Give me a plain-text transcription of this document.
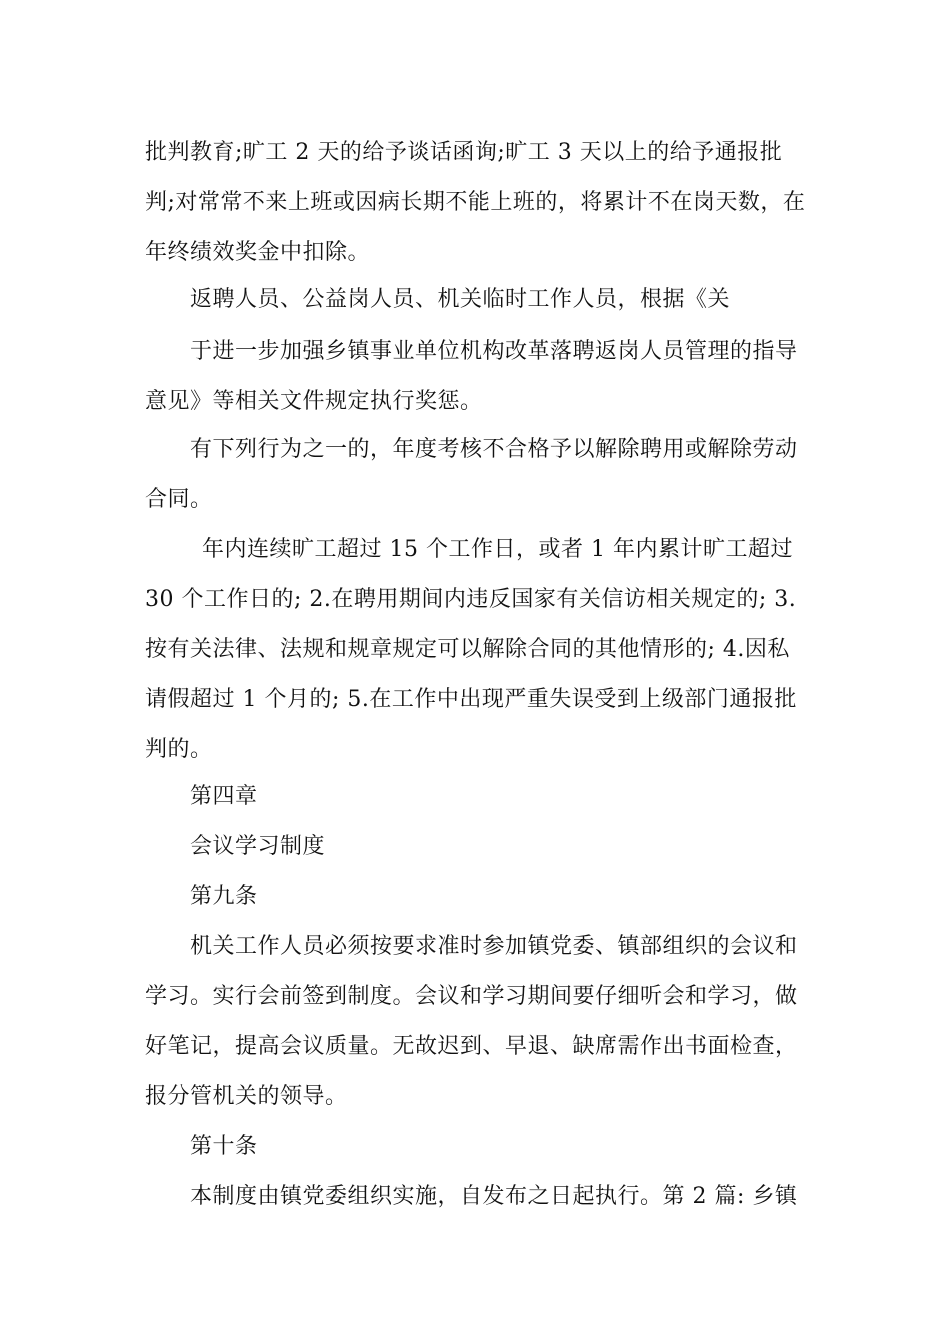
批判教育;旷工 2 天的给予谈话函询;旷工 3 天以上的给予通报批
判;对常常不来上班或因病长期不能上班的，将累计不在岗天数，在
年终绩效奖金中扣除。
返聘人员、公益岗人员、机关临时工作人员，根据《关
于进一步加强乡镇事业单位机构改革落聘返岗人员管理的指导
意见》等相关文件规定执行奖惩。
有下列行为之一的，年度考核不合格予以解除聘用或解除劳动
合同。
年内连续旷工超过 15 个工作日，或者 1 年内累计旷工超过
30 个工作日的; 2.在聘用期间内违反国家有关信访相关规定的; 3.
按有关法律、法规和规章规定可以解除合同的其他情形的; 4.因私
请假超过 1 个月的; 5.在工作中出现严重失误受到上级部门通报批
判的。
第四章
会议学习制度
第九条
机关工作人员必须按要求准时参加镇党委、镇部组织的会议和
学习。实行会前签到制度。会议和学习期间要仔细听会和学习，做
好笔记，提高会议质量。无故迟到、早退、缺席需作出书面检查，
报分管机关的领导。
第十条
本制度由镇党委组织实施，自发布之日起执行。第 2 篇: 乡镇
